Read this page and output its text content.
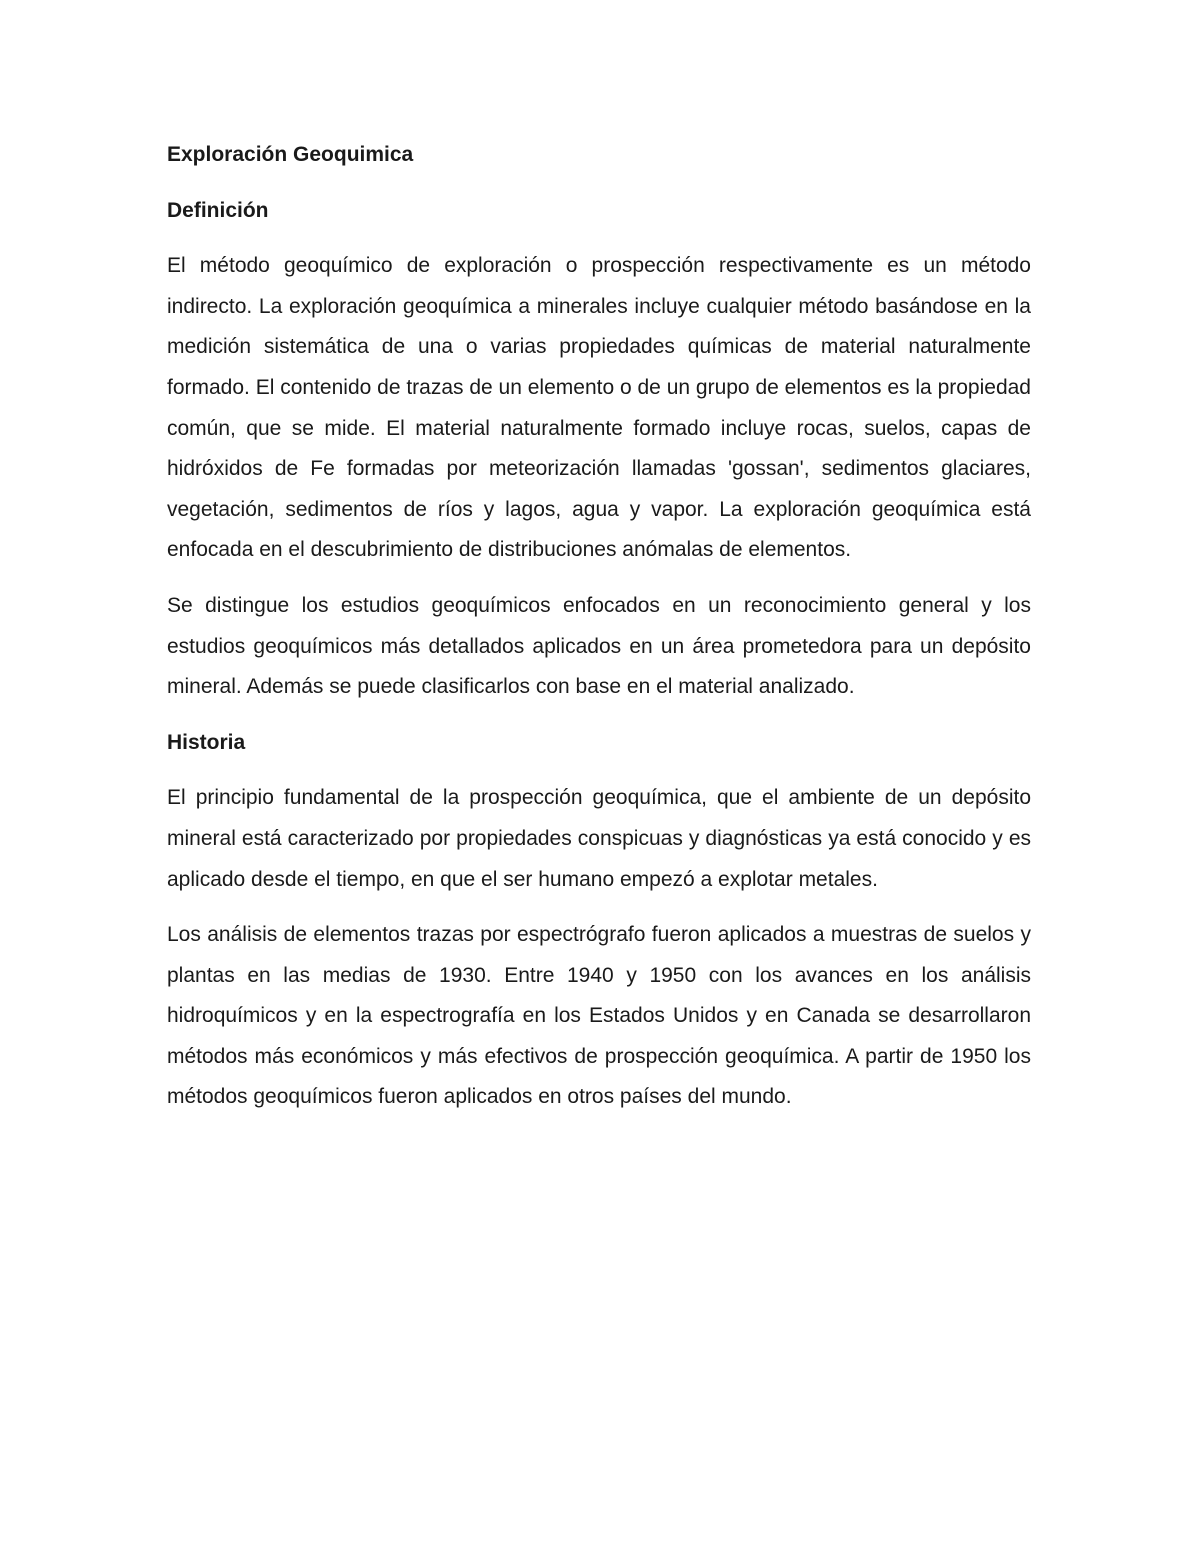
Exploración Geoquimica
Definición

El método geoquímico de exploración o prospección respectivamente es un método indirecto. La exploración geoquímica a minerales incluye cualquier método basándose en la medición sistemática de una o varias propiedades químicas de material naturalmente formado. El contenido de trazas de un elemento o de un grupo de elementos es la propiedad común, que se mide. El material naturalmente formado incluye rocas, suelos, capas de hidróxidos de Fe formadas por meteorización llamadas 'gossan', sedimentos glaciares, vegetación, sedimentos de ríos y lagos, agua y vapor. La exploración geoquímica está enfocada en el descubrimiento de distribuciones anómalas de elementos.

Se distingue los estudios geoquímicos enfocados en un reconocimiento general y los estudios geoquímicos más detallados aplicados en un área prometedora para un depósito mineral. Además se puede clasificarlos con base en el material analizado.

Historia

El principio fundamental de la prospección geoquímica, que el ambiente de un depósito mineral está caracterizado por propiedades conspicuas y diagnósticas ya está conocido y es aplicado desde el tiempo, en que el ser humano empezó a explotar metales.

Los análisis de elementos trazas por espectrógrafo fueron aplicados a muestras de suelos y plantas en las medias de 1930. Entre 1940 y 1950 con los avances en los análisis hidroquímicos y en la espectrografía en los Estados Unidos y en Canada se desarrollaron métodos más económicos y más efectivos de prospección geoquímica. A partir de 1950 los métodos geoquímicos fueron aplicados en otros países del mundo.
